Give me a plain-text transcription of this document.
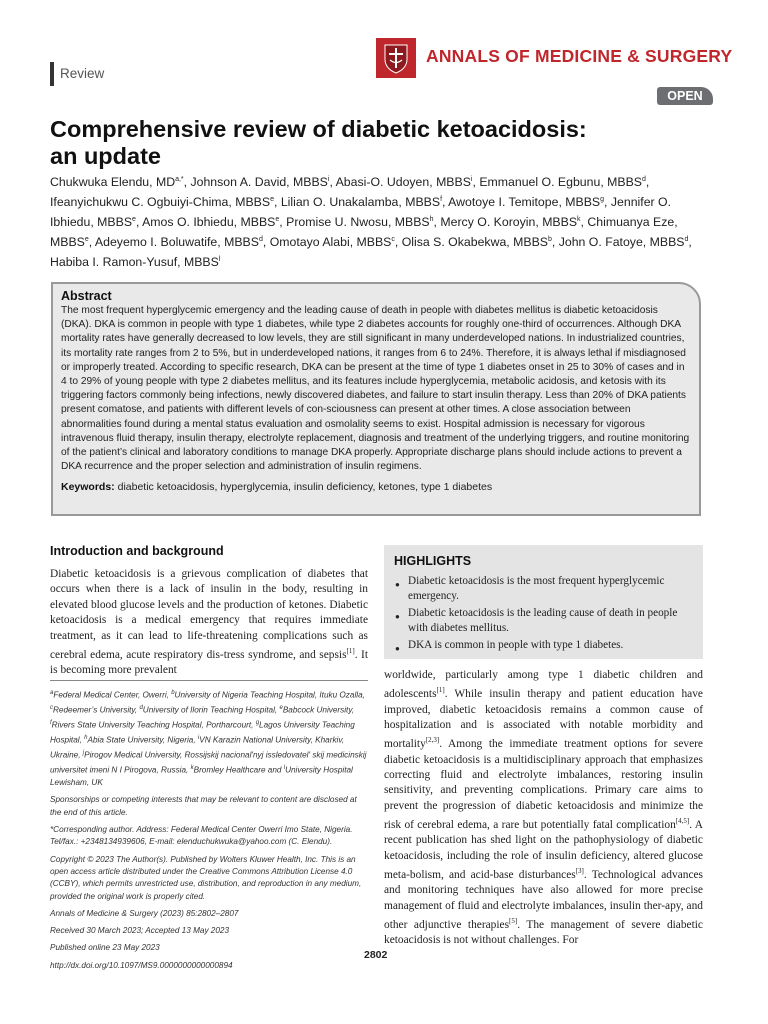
Review
ANNALS OF MEDICINE & SURGERY
OPEN
Comprehensive review of diabetic ketoacidosis:
an update
Chukwuka Elendu, $MD^{a,*}$, Johnson A. David, MBBS$^i$, Abasi-O. Udoyen, MBBS$^i$, Emmanuel O. Egbunu, MBBS$^d$, Ifeanyichukwu C. Ogbuiyi-Chima, MBBS$^e$, Lilian O. Unakalamba, MBBS$^f$, Awotoye I. Temitope, MBBS$^g$, Jennifer O. Ibhiedu, MBBS$^e$, Amos O. Ibhiedu, MBBS$^e$, Promise U. Nwosu, MBBS$^h$, Mercy O. Koroyin, MBBS$^k$, Chimuanya Eze, MBBS$^e$, Adeyemo I. Boluwatife, MBBS$^d$, Omotayo Alabi, MBBS$^c$, Olisa S. Okabekwa, MBBS$^b$, John O. Fatoye, MBBS$^d$, Habiba I. Ramon-Yusuf, MBBS$^l$
Abstract
The most frequent hyperglycemic emergency and the leading cause of death in people with diabetes mellitus is diabetic ketoacidosis (DKA). DKA is common in people with type 1 diabetes, while type 2 diabetes accounts for roughly one-third of occurrences. Although DKA mortality rates have generally decreased to low levels, they are still significant in many underdeveloped nations. In industrialized countries, its mortality rate ranges from 2 to 5%, but in underdeveloped nations, it ranges from 6 to 24%. Therefore, it is always lethal if misdiagnosed or improperly treated. According to specific research, DKA can be present at the time of type 1 diabetes onset in 25 to 30% of cases and in 4 to 29% of young people with type 2 diabetes mellitus, and its features include hyperglycemia, metabolic acidosis, and ketosis with its triggering factors commonly being infections, newly discovered diabetes, and failure to start insulin therapy. Less than 20% of DKA patients present comatose, and patients with different levels of con-sciousness can present at other times. A close association between abnormalities found during a mental status evaluation and osmolality seems to exist. Hospital admission is necessary for vigorous intravenous fluid therapy, insulin therapy, electrolyte replacement, diagnosis and treatment of the underlying triggers, and routine monitoring of the patient’s clinical and laboratory conditions to manage DKA properly. Appropriate discharge plans should include actions to prevent a DKA recurrence and the proper selection and administration of insulin regimens.
Keywords: diabetic ketoacidosis, hyperglycemia, insulin deficiency, ketones, type 1 diabetes
Introduction and background
Diabetic ketoacidosis is a grievous complication of diabetes that occurs when there is a lack of insulin in the body, resulting in elevated blood glucose levels and the production of ketones. Diabetic ketoacidosis is a medical emergency that requires immediate treatment, as it can lead to life-threatening complications such as cerebral edema, acute respiratory dis-tress syndrome, and sepsis[1]. It is becoming more prevalent
HIGHLIGHTS
● Diabetic ketoacidosis is the most frequent hyperglycemic emergency.
● Diabetic ketoacidosis is the leading cause of death in people with diabetes mellitus.
● DKA is common in people with type 1 diabetes.
worldwide, particularly among type 1 diabetic children and adolescents[1]. While insulin therapy and patient education have improved, diabetic ketoacidosis remains a common cause of hospitalization and is associated with notable morbidity and mortality[2,3]. Among the immediate treatment options for severe diabetic ketoacidosis is a multidisciplinary approach that emphasizes correcting fluid and electrolyte imbalances, restoring insulin sensitivity, and preventing complications. Primary care aims to prevent the progression of diabetic ketoacidosis and minimize the risk of cerebral edema, a rare but potentially fatal complication[4,5]. A recent publication has shed light on the pathophysiology of diabetic ketoacidosis, including the role of insulin deficiency, altered glucose meta-bolism, and acid-base disturbances[3]. Technological advances and monitoring techniques have also allowed for more precise management of fluid and electrolyte imbalances, insulin ther-apy, and other adjunctive therapies[5]. The management of severe diabetic ketoacidosis is not without challenges. For

$^a$Federal Medical Center, Owerri, $^b$University of Nigeria Teaching Hospital, Ituku Ozalla, $^c$Redeemer’s University, $^d$University of Ilorin Teaching Hospital, $^e$Babcock University, $^f$Rivers State University Teaching Hospital, Portharcourt, $^g$Lagos University Teaching Hospital, $^h$Abia State University, Nigeria, $^i$VN Karazin National University, Kharkiv, Ukraine, $^j$Pirogov Medical University, Rossijskij nacional'nyj issledovatel' skij medicinskij universitet imeni N I Pirogova, Russia, $^k$Bromley Healthcare and $^l$University Hospital Lewisham, UK

Sponsorships or competing interests that may be relevant to content are disclosed at the end of this article.

*Corresponding author. Address: Federal Medical Center Owerri Imo State, Nigeria. Tel/fax.: +2348134939606, E-mail: elenduchukwuka@yahoo.com (C. Elendu).

Copyright © 2023 The Author(s). Published by Wolters Kluwer Health, Inc. This is an open access article distributed under the Creative Commons Attribution License 4.0 (CCBY), which permits unrestricted use, distribution, and reproduction in any medium, provided the original work is properly cited.

Annals of Medicine & Surgery (2023) 85:2802–2807

Received 30 March 2023; Accepted 13 May 2023

Published online 23 May 2023

http://dx.doi.org/10.1097/MS9.0000000000000894

2802
